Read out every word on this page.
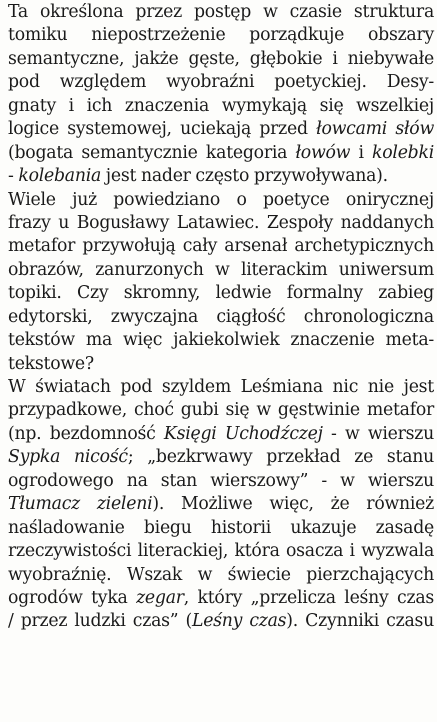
Ta określona przez postęp w czasie struktura
tomiku niepostrzeżenie porządkuje obszary
semantyczne, jakże gęste, głębokie i niebywałe
pod względem wyobraźni poetyckiej. Desy-
gnaty i ich znaczenia wymykają się wszelkiej
logice systemowej, uciekają przed łowcami słów
(bogata semantycznie kategoria łowów i kolebki
- kolebania jest nader często przywoływana).
Wiele już powiedziano o poetyce onirycznej
frazy u Bogusławy Latawiec. Zespoły naddanych
metafor przywołują cały arsenał archetypicznych
obrazów, zanurzonych w literackim uniwersum
topiki. Czy skromny, ledwie formalny zabieg
edytorski, zwyczajna ciągłość chronologiczna
tekstów ma więc jakiekolwiek znaczenie meta-
tekstowe?
W światach pod szyldem Leśmiana nic nie jest
przypadkowe, choć gubi się w gęstwinie metafor
(np. bezdomność Księgi Uchodźczej - w wierszu
Sypka nicość; „bezkrwawy przekład ze stanu
ogrodowego na stan wierszowy” - w wierszu
Tłumacz zieleni). Możliwe więc, że również
naśladowanie biegu historii ukazuje zasadę
rzeczywistości literackiej, która osacza i wyzwala
wyobraźnię. Wszak w świecie pierzchających
ogrodów tyka zegar, który „przelicza leśny czas
/ przez ludzki czas” (Leśny czas). Czynniki czasu
